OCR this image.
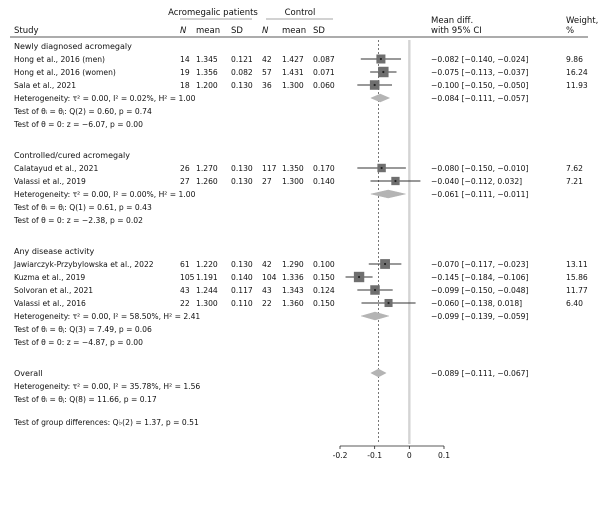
Acromegalic patients	Control
Study	N mean SD N mean SD
Mean diff.
with 95% CI
Weight,
%
Newly diagnosed acromegaly
Hong et al., 2016 (men)	14 1.345 0.121 42 1.427 0.087	−0.082 [−0.140, −0.024]	9.86
Hong et al., 2016 (women)	19 1.356 0.082 57 1.431 0.071	−0.075 [−0.113, −0.037]	16.24
Sala et al., 2021	18 1.200 0.130 36 1.300 0.060	−0.100 [−0.150, −0.050]	11.93
−0.084 [−0.111, −0.057]
Heterogeneity: τ² = 0.00, I² = 0.02%, H² = 1.00
Test of θᵢ = θⱼ: Q(2) = 0.60, p = 0.74
Test of θ = 0: z = −6.07, p = 0.00
Controlled/cured acromegaly
Calatayud et al., 2021	26 1.270 0.130 117 1.350 0.170	−0.080 [−0.150, −0.010]	7.62
Valassi et al., 2019	27 1.260 0.130 27 1.300 0.140	−0.040 [−0.112, 0.032]	7.21
−0.061 [−0.111, −0.011]
Heterogeneity: τ² = 0.00, I² = 0.00%, H² = 1.00
Test of θᵢ = θⱼ: Q(1) = 0.61, p = 0.43
Test of θ = 0: z = −2.38, p = 0.02
Any disease activity
Jawiarczyk-Przybylowska et al., 2022	61 1.220 0.130 42 1.290 0.100	−0.070 [−0.117, −0.023]	13.11
Kuzma et al., 2019	105 1.191 0.140 104 1.336 0.150	−0.145 [−0.184, −0.106]	15.86
Solvoran et al., 2021	43 1.244 0.117 43 1.343 0.124	−0.099 [−0.150, −0.048]	11.77
Valassi et al., 2016	22 1.300 0.110 22 1.360 0.150	−0.060 [−0.138, 0.018]	6.40
−0.099 [−0.139, −0.059]
Heterogeneity: τ² = 0.00, I² = 58.50%, H² = 2.41
Test of θᵢ = θⱼ: Q(3) = 7.49, p = 0.06
Test of θ = 0: z = −4.87, p = 0.00
Overall	−0.089 [−0.111, −0.067]
Heterogeneity: τ² = 0.00, I² = 35.78%, H² = 1.56
Test of θᵢ = θⱼ: Q(8) = 11.66, p = 0.17
Test of group differences: Q♭(2) = 1.37, p = 0.51
-0.2	-0.1	0	0.1
